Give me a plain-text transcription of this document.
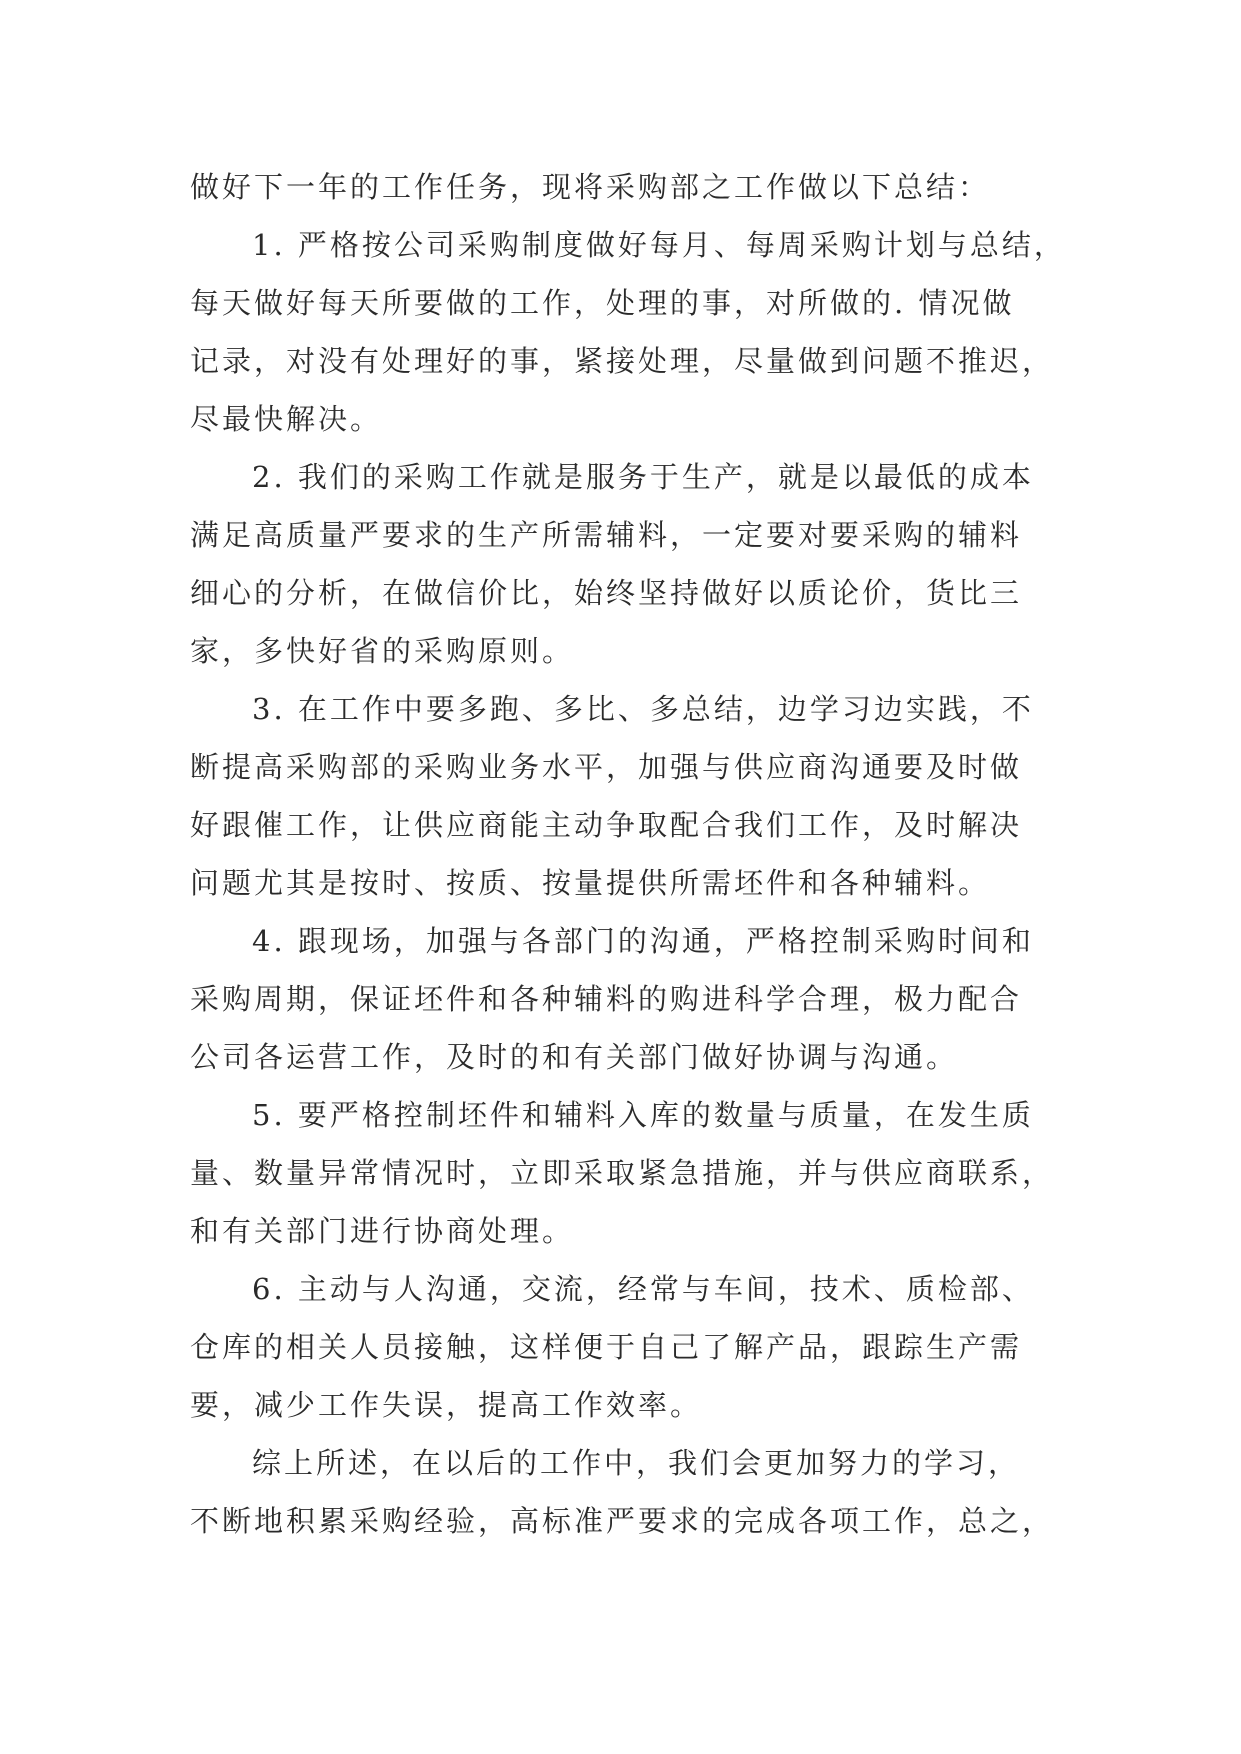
做好下一年的工作任务，现将采购部之工作做以下总结：
1. 严格按公司采购制度做好每月、每周采购计划与总结，
每天做好每天所要做的工作，处理的事，对所做的. 情况做
记录，对没有处理好的事，紧接处理，尽量做到问题不推迟，
尽最快解决。
2. 我们的采购工作就是服务于生产，就是以最低的成本
满足高质量严要求的生产所需辅料，一定要对要采购的辅料
细心的分析，在做信价比，始终坚持做好以质论价，货比三
家，多快好省的采购原则。
3. 在工作中要多跑、多比、多总结，边学习边实践，不
断提高采购部的采购业务水平，加强与供应商沟通要及时做
好跟催工作，让供应商能主动争取配合我们工作，及时解决
问题尤其是按时、按质、按量提供所需坯件和各种辅料。
4. 跟现场，加强与各部门的沟通，严格控制采购时间和
采购周期，保证坯件和各种辅料的购进科学合理，极力配合
公司各运营工作，及时的和有关部门做好协调与沟通。
5. 要严格控制坯件和辅料入库的数量与质量，在发生质
量、数量异常情况时，立即采取紧急措施，并与供应商联系，
和有关部门进行协商处理。
6. 主动与人沟通，交流，经常与车间，技术、质检部、
仓库的相关人员接触，这样便于自己了解产品，跟踪生产需
要，减少工作失误，提高工作效率。
综上所述，在以后的工作中，我们会更加努力的学习，
不断地积累采购经验，高标准严要求的完成各项工作，总之，
